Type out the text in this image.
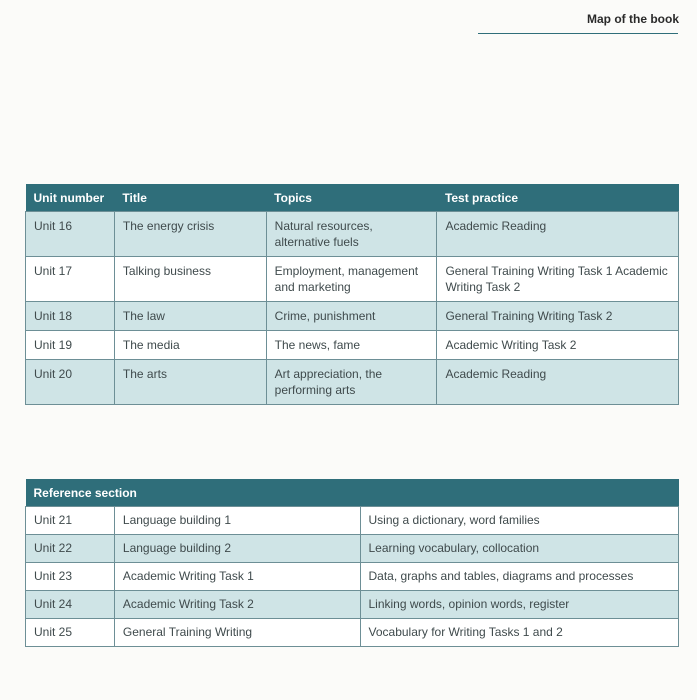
Map of the book
Unit number	Title	Topics	Test practice
Unit 16	The energy crisis	Natural resources, alternative fuels	Academic Reading
Unit 17	Talking business	Employment, management and marketing	General Training Writing Task 1 Academic Writing Task 2
Unit 18	The law	Crime, punishment	General Training Writing Task 2
Unit 19	The media	The news, fame	Academic Writing Task 2
Unit 20	The arts	Art appreciation, the performing arts	Academic Reading
Reference section		
Unit 21	Language building 1	Using a dictionary, word families
Unit 22	Language building 2	Learning vocabulary, collocation
Unit 23	Academic Writing Task 1	Data, graphs and tables, diagrams and processes
Unit 24	Academic Writing Task 2	Linking words, opinion words, register
Unit 25	General Training Writing	Vocabulary for Writing Tasks 1 and 2
